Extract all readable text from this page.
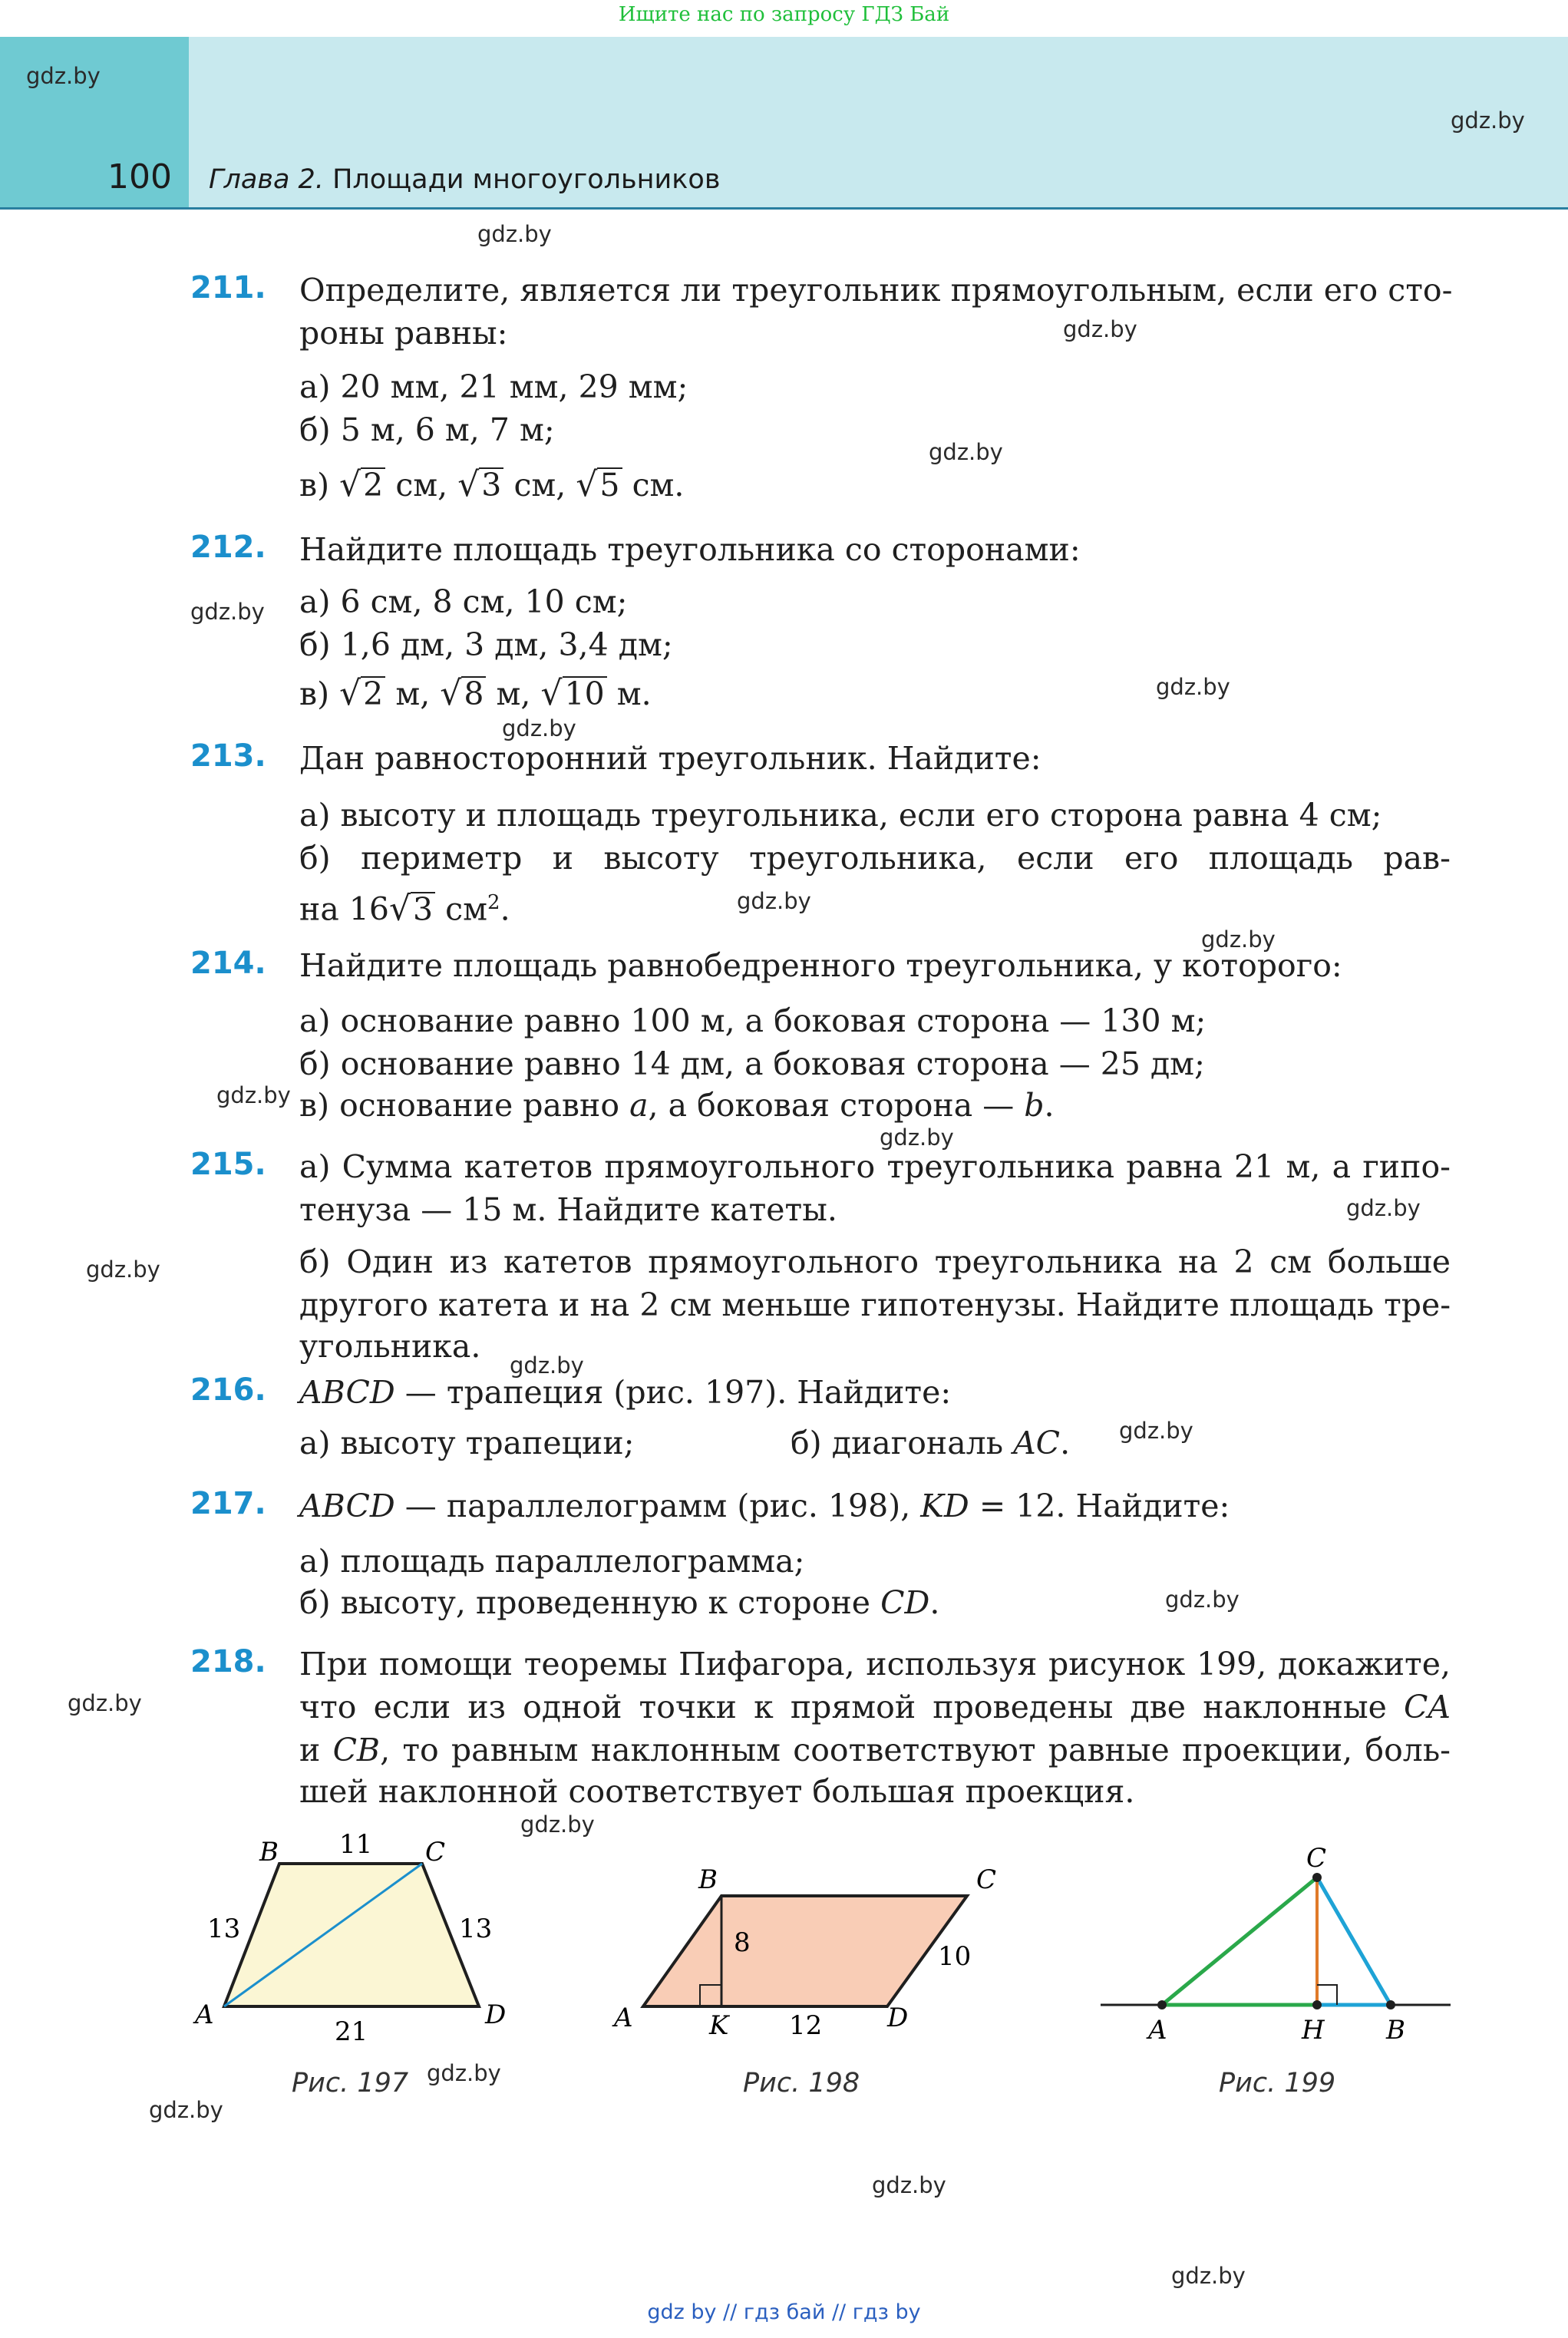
Ищите нас по запросу ГДЗ Бай
100 Глава 2. Площади многоугольников
gdz.by
gdz.by
gdz.by
gdz.by
gdz.by
gdz.by
gdz.by
gdz.by
gdz.by
gdz.by
gdz.by
gdz.by
gdz.by
gdz.by
gdz.by
gdz.by
gdz.by
gdz.by
gdz.by
gdz.by
gdz.by
gdz.by
gdz.by
211. Определите, является ли треугольник прямоугольным, если его сто-
роны равны:
а) 20 мм, 21 мм, 29 мм;
б) 5 м, 6 м, 7 м;
в) √2 см, √3 см, √5 см.
212. Найдите площадь треугольника со сторонами:
а) 6 см, 8 см, 10 см;
б) 1,6 дм, 3 дм, 3,4 дм;
в) √2 м, √8 м, √10 м.
213. Дан равносторонний треугольник. Найдите:
а) высоту и площадь треугольника, если его сторона равна 4 см;
б) периметр и высоту треугольника, если его площадь рав-
на 16√3 $см^2$.
214. Найдите площадь равнобедренного треугольника, у которого:
а) основание равно 100 м, а боковая сторона — 130 м;
б) основание равно 14 дм, а боковая сторона — 25 дм;
в) основание равно a, а боковая сторона — b.
215. а) Сумма катетов прямоугольного треугольника равна 21 м, а гипо-
тенуза — 15 м. Найдите катеты.
б) Один из катетов прямоугольного треугольника на 2 см больше
другого катета и на 2 см меньше гипотенузы. Найдите площадь тре-
угольника.
216. ABCD — трапеция (рис. 197). Найдите:
а) высоту трапеции;	б) диагональ AC.
217. ABCD — параллелограмм (рис. 198), KD = 12. Найдите:
а) площадь параллелограмма;
б) высоту, проведенную к стороне CD.
218. При помощи теоремы Пифагора, используя рисунок 199, докажите,
что если из одной точки к прямой проведены две наклонные CA
и CB, то равным наклонным соответствуют равные проекции, боль-
шей наклонной соответствует большая проекция.
B	C
A	D
11
13	13
21
Рис. 197
B	C
A	K	D
8	10
12
Рис. 198
C
A	H B
Рис. 199
gdz by // гдз бай // гдз by
